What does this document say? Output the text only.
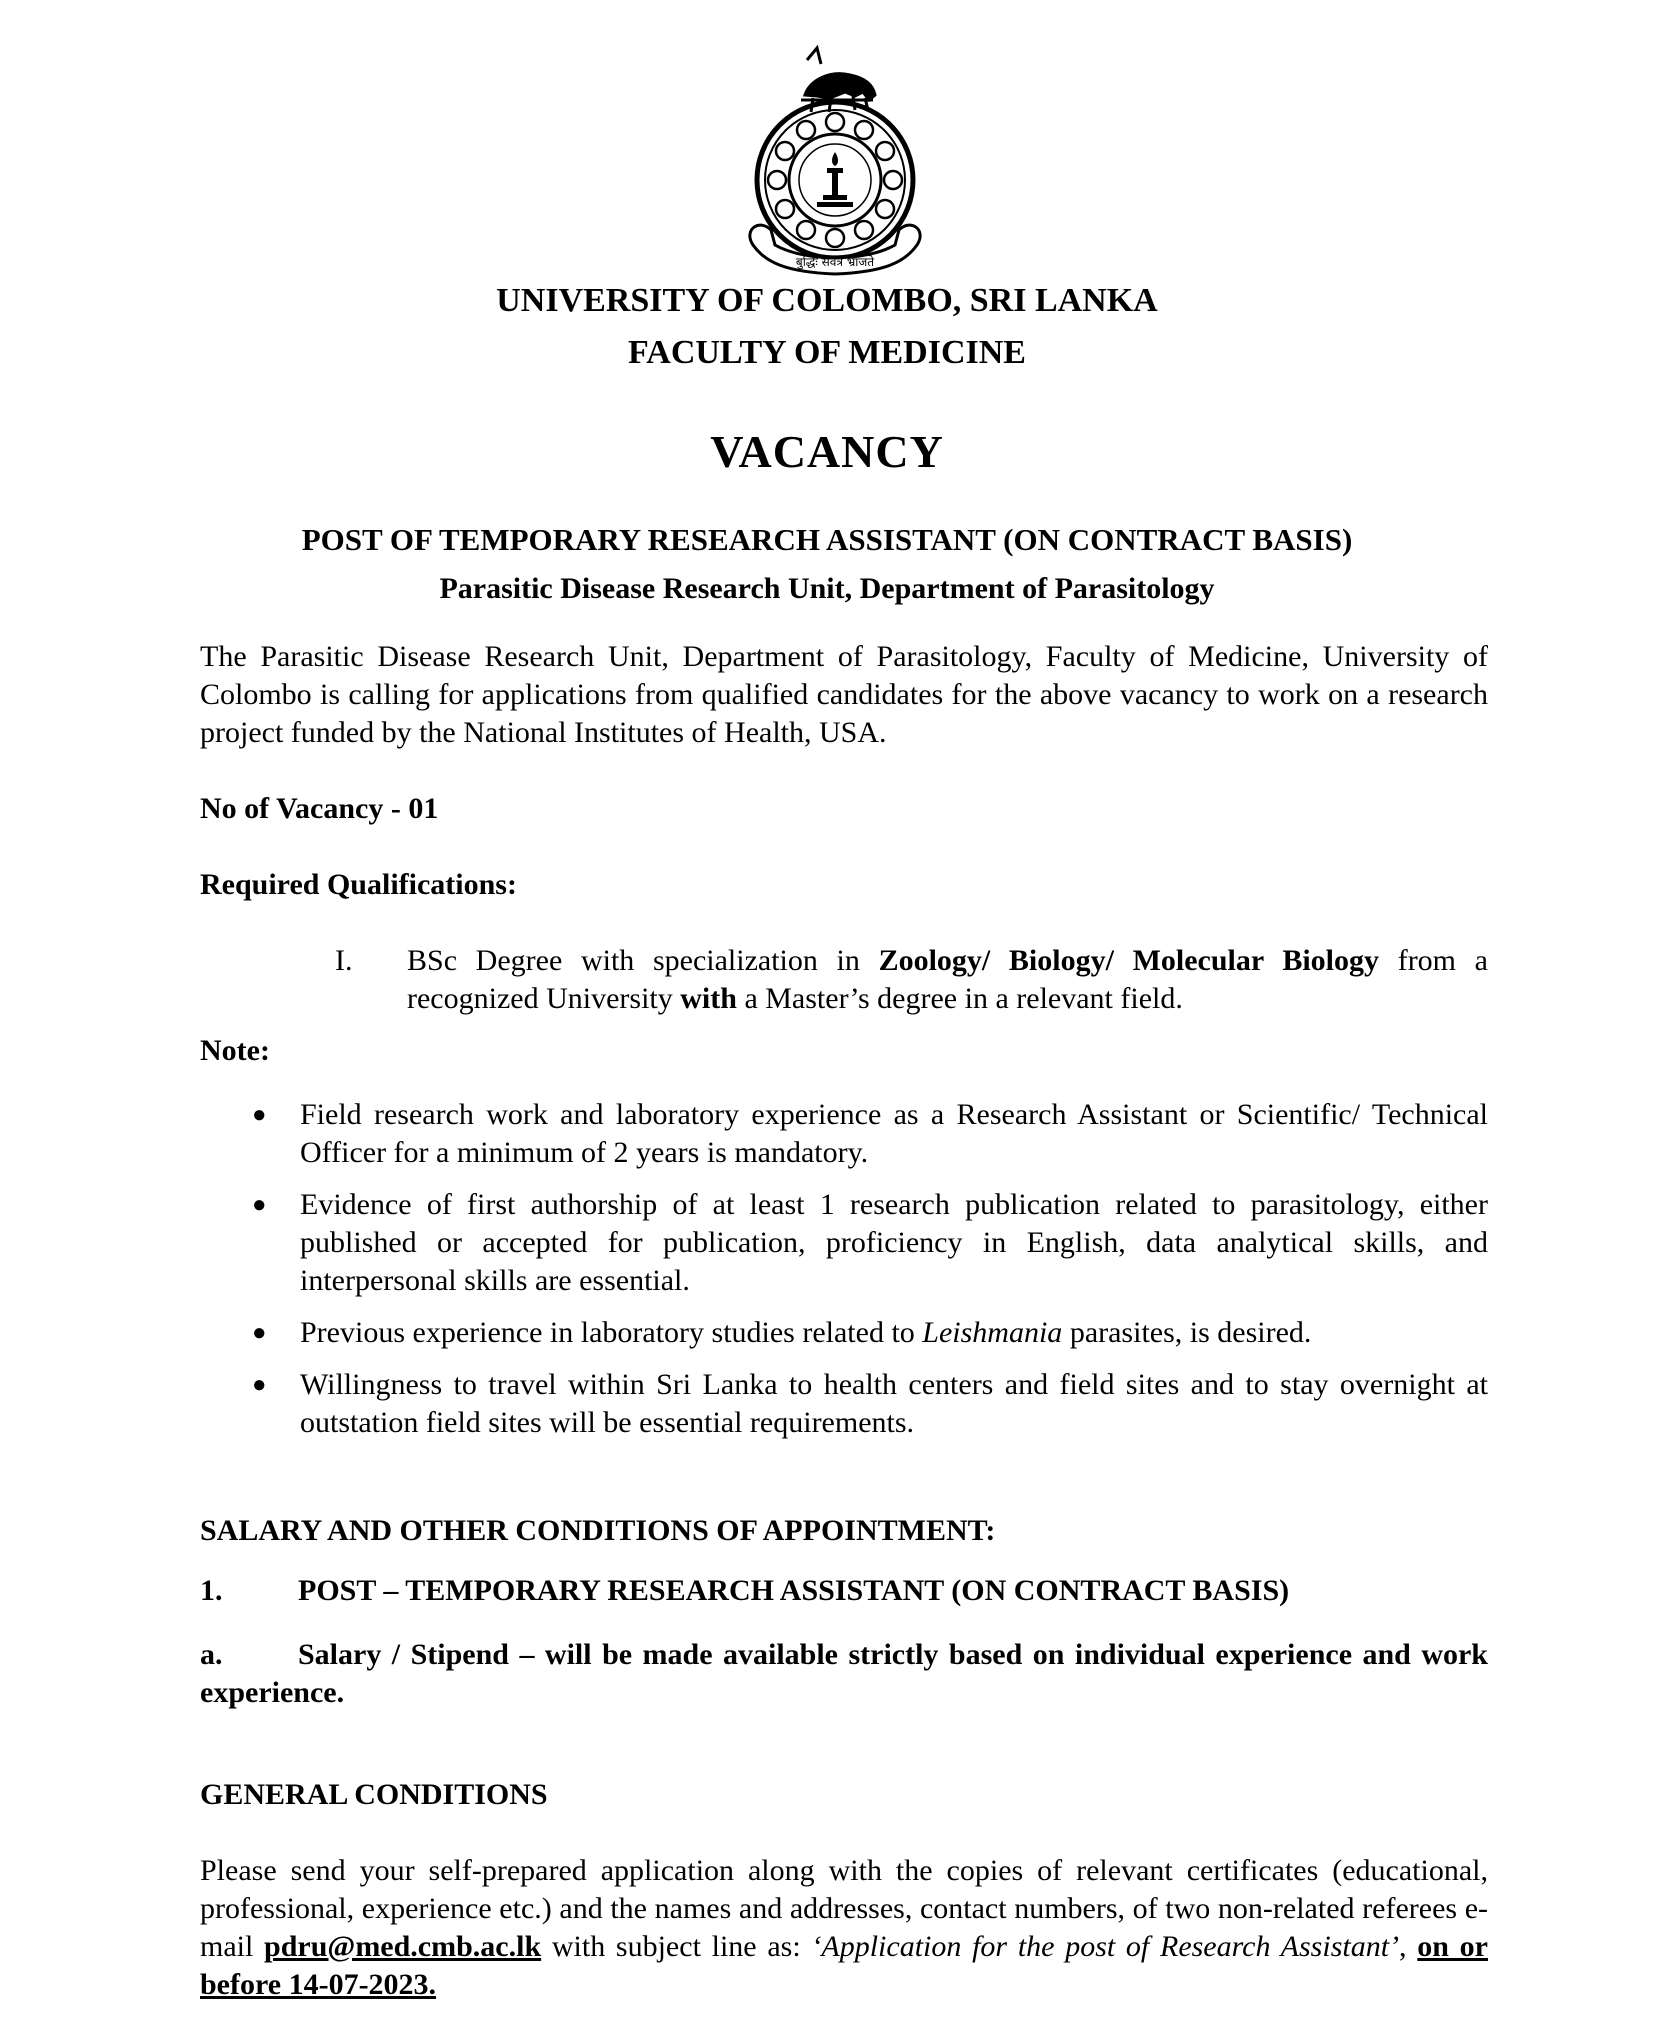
बुद्धिः सर्वत्र भ्राजते
UNIVERSITY OF COLOMBO, SRI LANKA
FACULTY OF MEDICINE
VACANCY
POST OF TEMPORARY RESEARCH ASSISTANT (ON CONTRACT BASIS)
Parasitic Disease Research Unit, Department of Parasitology
The Parasitic Disease Research Unit, Department of Parasitology, Faculty of Medicine, University of Colombo is calling for applications from qualified candidates for the above vacancy to work on a research project funded by the National Institutes of Health, USA.
No of Vacancy - 01
Required Qualifications:
I. BSc Degree with specialization in Zoology/ Biology/ Molecular Biology from a recognized University with a Master’s degree in a relevant field.
Note:
● Field research work and laboratory experience as a Research Assistant or Scientific/ Technical Officer for a minimum of 2 years is mandatory.
● Evidence of first authorship of at least 1 research publication related to parasitology, either published or accepted for publication, proficiency in English, data analytical skills, and interpersonal skills are essential.
● Previous experience in laboratory studies related to Leishmania parasites, is desired.
● Willingness to travel within Sri Lanka to health centers and field sites and to stay overnight at outstation field sites will be essential requirements.
SALARY AND OTHER CONDITIONS OF APPOINTMENT:
1.	POST – TEMPORARY RESEARCH ASSISTANT (ON CONTRACT BASIS)
a.	Salary / Stipend – will be made available strictly based on individual experience and work experience.
GENERAL CONDITIONS
Please send your self-prepared application along with the copies of relevant certificates (educational, professional, experience etc.) and the names and addresses, contact numbers, of two non-related referees e- mail pdru@med.cmb.ac.lk with subject line as: ‘Application for the post of Research Assistant’, on or before 14-07-2023.
